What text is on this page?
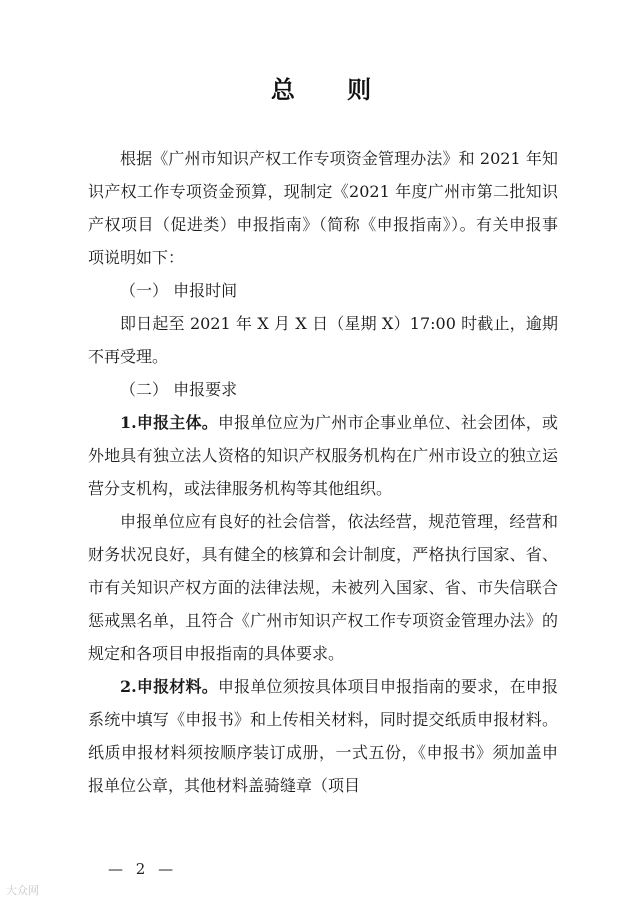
总 则

根据《广州市知识产权工作专项资金管理办法》和 2021 年知识产权工作专项资金预算，现制定《2021 年度广州市第二批知识产权项目（促进类）申报指南》（简称《申报指南》）。有关申报事项说明如下：

（一） 申报时间

即日起至 2021 年 X 月 X 日（星期 X）17:00 时截止，逾期不再受理。

（二） 申报要求

1.申报主体。申报单位应为广州市企事业单位、社会团体，或外地具有独立法人资格的知识产权服务机构在广州市设立的独立运营分支机构，或法律服务机构等其他组织。

申报单位应有良好的社会信誉，依法经营，规范管理，经营和财务状况良好，具有健全的核算和会计制度，严格执行国家、省、市有关知识产权方面的法律法规，未被列入国家、省、市失信联合惩戒黑名单，且符合《广州市知识产权工作专项资金管理办法》的规定和各项目申报指南的具体要求。

2.申报材料。申报单位须按具体项目申报指南的要求，在申报系统中填写《申报书》和上传相关材料，同时提交纸质申报材料。纸质申报材料须按顺序装订成册，一式五份，《申报书》须加盖申报单位公章，其他材料盖骑缝章（项目

— 2 —
大众网
